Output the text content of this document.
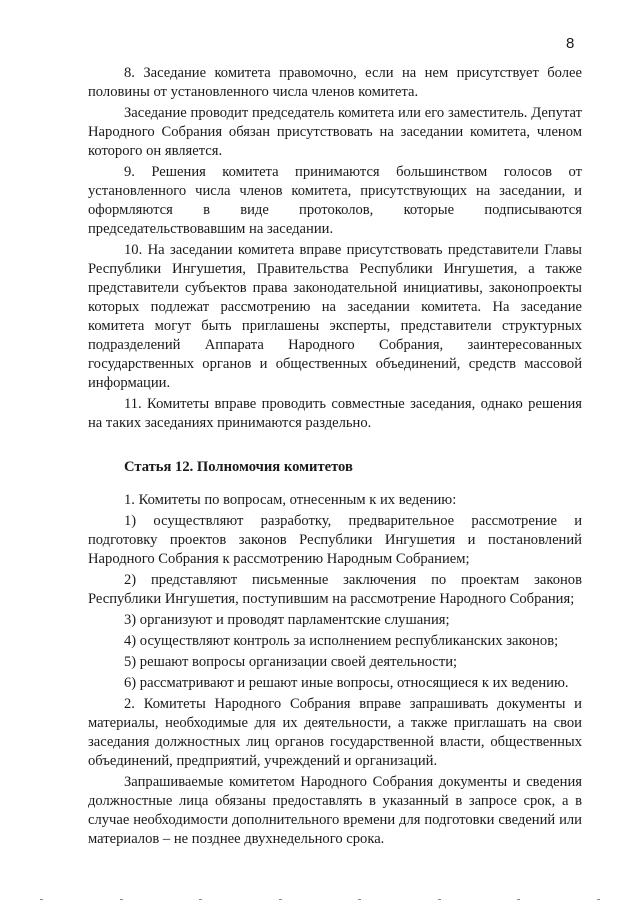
8

8. Заседание комитета правомочно, если на нем присутствует более половины от установленного числа членов комитета.

Заседание проводит председатель комитета или его заместитель. Депутат Народного Собрания обязан присутствовать на заседании комитета, членом которого он является.

9. Решения комитета принимаются большинством голосов от установленного числа членов комитета, присутствующих на заседании, и оформляются в виде протоколов, которые подписываются председательствовавшим на заседании.

10. На заседании комитета вправе присутствовать представители Главы Республики Ингушетия, Правительства Республики Ингушетия, а также представители субъектов права законодательной инициативы, законопроекты которых подлежат рассмотрению на заседании комитета. На заседание комитета могут быть приглашены эксперты, представители структурных подразделений Аппарата Народного Собрания, заинтересованных государственных органов и общественных объединений, средств массовой информации.

11. Комитеты вправе проводить совместные заседания, однако решения на таких заседаниях принимаются раздельно.

Статья 12. Полномочия комитетов

1. Комитеты по вопросам, отнесенным к их ведению:

1) осуществляют разработку, предварительное рассмотрение и подготовку проектов законов Республики Ингушетия и постановлений Народного Собрания к рассмотрению Народным Собранием;

2) представляют письменные заключения по проектам законов Республики Ингушетия, поступившим на рассмотрение Народного Собрания;

3) организуют и проводят парламентские слушания;

4) осуществляют контроль за исполнением республиканских законов;

5) решают вопросы организации своей деятельности;

6) рассматривают и решают иные вопросы, относящиеся к их ведению.

2. Комитеты Народного Собрания вправе запрашивать документы и материалы, необходимые для их деятельности, а также приглашать на свои заседания должностных лиц органов государственной власти, общественных объединений, предприятий, учреждений и организаций.

Запрашиваемые комитетом Народного Собрания документы и сведения должностные лица обязаны предоставлять в указанный в запросе срок, а в случае необходимости дополнительного времени для подготовки сведений или материалов – не позднее двухнедельного срока.
